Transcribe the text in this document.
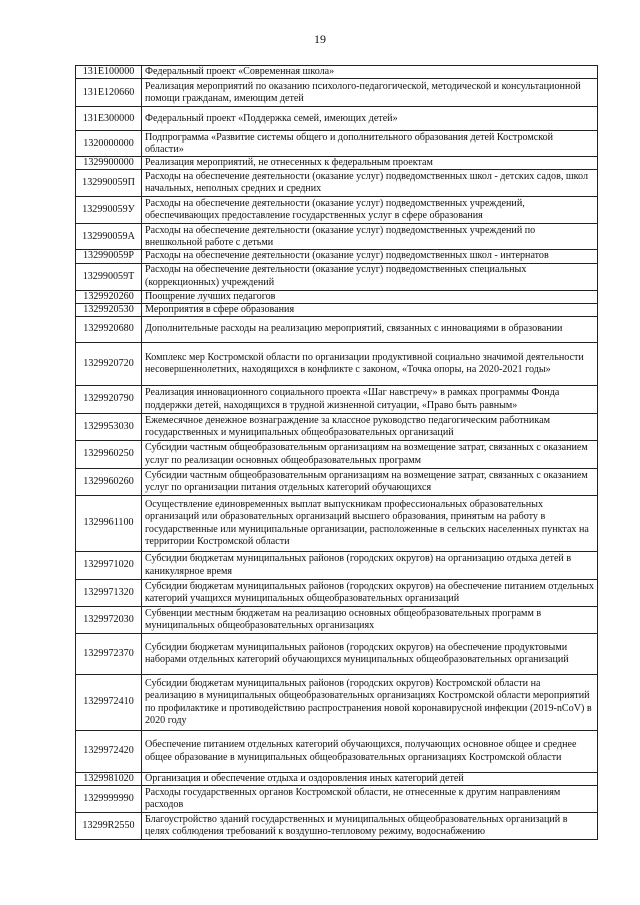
19
131E100000	Федеральный проект «Современная школа»
131E120660	Реализация мероприятий по оказанию психолого-педагогической, методической и консультационной помощи гражданам, имеющим детей
131E300000	Федеральный проект «Поддержка семей, имеющих детей»
1320000000	Подпрограмма «Развитие системы общего и дополнительного образования детей Костромской области»
1329900000	Реализация мероприятий, не отнесенных к федеральным проектам
132990059П	Расходы на обеспечение деятельности (оказание услуг) подведомственных школ - детских садов, школ начальных, неполных средних и средних
132990059У	Расходы на обеспечение деятельности (оказание услуг) подведомственных учреждений, обеспечивающих предоставление государственных услуг в сфере образования
132990059А	Расходы на обеспечение деятельности (оказание услуг) подведомственных учреждений по внешкольной работе с детьми
132990059Р	Расходы на обеспечение деятельности (оказание услуг) подведомственных школ - интернатов
132990059Т	Расходы на обеспечение деятельности (оказание услуг) подведомственных специальных (коррекционных) учреждений
1329920260	Поощрение лучших педагогов
1329920530	Мероприятия в сфере образования
1329920680	Дополнительные расходы на реализацию мероприятий, связанных с инновациями в образовании
1329920720	Комплекс мер Костромской области по организации продуктивной социально значимой деятельности несовершеннолетних, находящихся в конфликте с законом, «Точка опоры, на 2020-2021 годы»
1329920790	Реализация инновационного социального проекта «Шаг навстречу» в рамках программы Фонда поддержки детей, находящихся в трудной жизненной ситуации, «Право быть равным»
1329953030	Ежемесячное денежное вознаграждение за классное руководство педагогическим работникам государственных и муниципальных общеобразовательных организаций
1329960250	Субсидии частным общеобразовательным организациям на возмещение затрат, связанных с оказанием услуг по реализации основных общеобразовательных программ
1329960260	Субсидии частным общеобразовательным организациям на возмещение затрат, связанных с оказанием услуг по организации питания отдельных категорий обучающихся
1329961100	Осуществление единовременных выплат выпускникам профессиональных образовательных организаций или образовательных организаций высшего образования, принятым на работу в государственные или муниципальные организации, расположенные в сельских населенных пунктах на территории Костромской области
1329971020	Субсидии бюджетам муниципальных районов (городских округов) на организацию отдыха детей в каникулярное время
1329971320	Субсидии бюджетам муниципальных районов (городских округов) на обеспечение питанием отдельных категорий учащихся муниципальных общеобразовательных организаций
1329972030	Субвенции местным бюджетам на реализацию основных общеобразовательных программ в муниципальных общеобразовательных организациях
1329972370	Субсидии бюджетам муниципальных районов (городских округов) на обеспечение продуктовыми наборами отдельных категорий обучающихся муниципальных общеобразовательных организаций
1329972410	Субсидии бюджетам муниципальных районов (городских округов) Костромской области на реализацию в муниципальных общеобразовательных организациях Костромской области мероприятий по профилактике и противодействию распространения новой коронавирусной инфекции (2019-nCoV) в 2020 году
1329972420	Обеспечение питанием отдельных категорий обучающихся, получающих основное общее и среднее общее образование в муниципальных общеобразовательных организациях Костромской области
1329981020	Организация и обеспечение отдыха и оздоровления иных категорий детей
1329999990	Расходы государственных органов Костромской области, не отнесенные к другим направлениям расходов
13299R2550	Благоустройство зданий государственных и муниципальных общеобразовательных организаций в целях соблюдения требований к воздушно-тепловому режиму, водоснабжению
